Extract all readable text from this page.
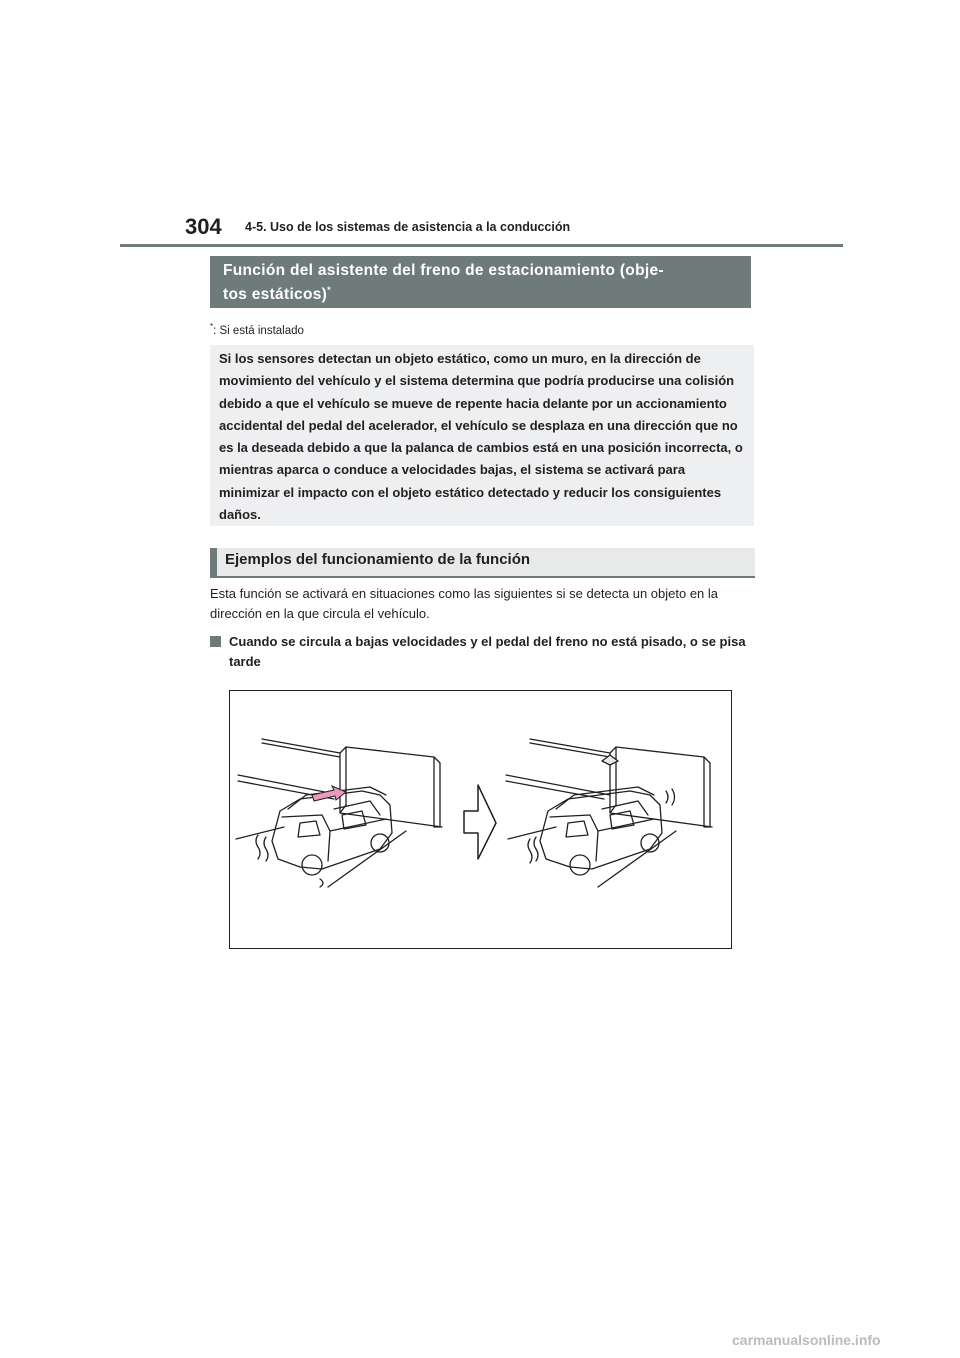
304 4-5. Uso de los sistemas de asistencia a la conducción
Función del asistente del freno de estacionamiento (obje-
tos estáticos)*
*: Si está instalado
Si los sensores detectan un objeto estático, como un muro, en la dirección de movimiento del vehículo y el sistema determina que podría producirse una colisión debido a que el vehículo se mueve de repente hacia delante por un accionamiento accidental del pedal del acelerador, el vehículo se desplaza en una dirección que no es la deseada debido a que la palanca de cambios está en una posición incorrecta, o mientras aparca o conduce a velocidades bajas, el sistema se activará para minimizar el impacto con el objeto estático detectado y reducir los consiguientes daños.
Ejemplos del funcionamiento de la función
Esta función se activará en situaciones como las siguientes si se detecta un objeto en la dirección en la que circula el vehículo.
Cuando se circula a bajas velocidades y el pedal del freno no está pisado, o se pisa tarde
carmanualsonline.info
